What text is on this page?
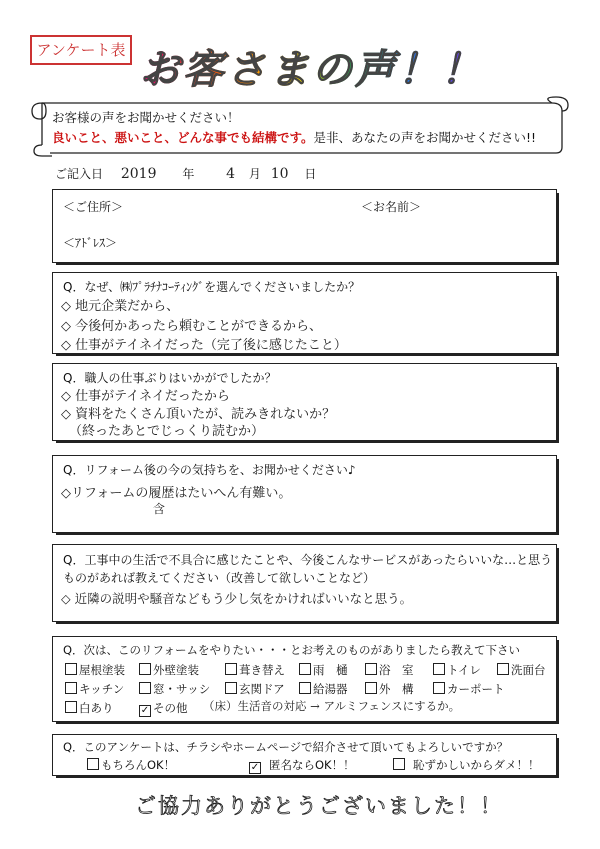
アンケート表 お客さまの声！！
お客様の声をお聞かせください！
良いこと、悪いこと、どんな事でも結構です。是非、あなたの声をお聞かせください!!
ご記入日 2019 年 4 月 10 日
＜ご住所＞	＜お名前＞
＜ｱﾄﾞﾚｽ＞
Q．なぜ、㈱ﾌﾟﾗﾁﾅｺｰﾃｨﾝｸﾞを選んでくださいましたか？
◇ 地元企業だから、
◇ 今後何かあったら頼むことができるから、
◇ 仕事がテイネイだった（完了後に感じたこと）
Q．職人の仕事ぶりはいかがでしたか？
◇ 仕事がテイネイだったから
◇ 資料をたくさん頂いたが、読みきれないか？
（終ったあとでじっくり読むか）
Q．リフォーム後の今の気持ちを、お聞かせください♪
◇リフォームの履歴はたいへん有難い。
含
Q．工事中の生活で不具合に感じたことや、今後こんなサービスがあったらいいな…と思う
ものがあれば教えてください（改善して欲しいことなど）
◇ 近隣の説明や騒音などもう少し気をかければいいなと思う。
Q．次は、このリフォームをやりたい・・・とお考えのものがありましたら教えて下さい
屋根塗装	外壁塗装	葺き替え	雨　樋	浴　室	トイレ	洗面台
キッチン	窓・サッシ	玄関ドア	給湯器	外　構	カーポート
白あり	✓ その他 （床）生活音の対応 → アルミフェンスにするか。
Q．このアンケートは、チラシやホームページで紹介させて頂いてもよろしいですか？
もちろんOK！	✓ 匿名ならOK！！	恥ずかしいからダメ！！
ご協力ありがとうございました！！
